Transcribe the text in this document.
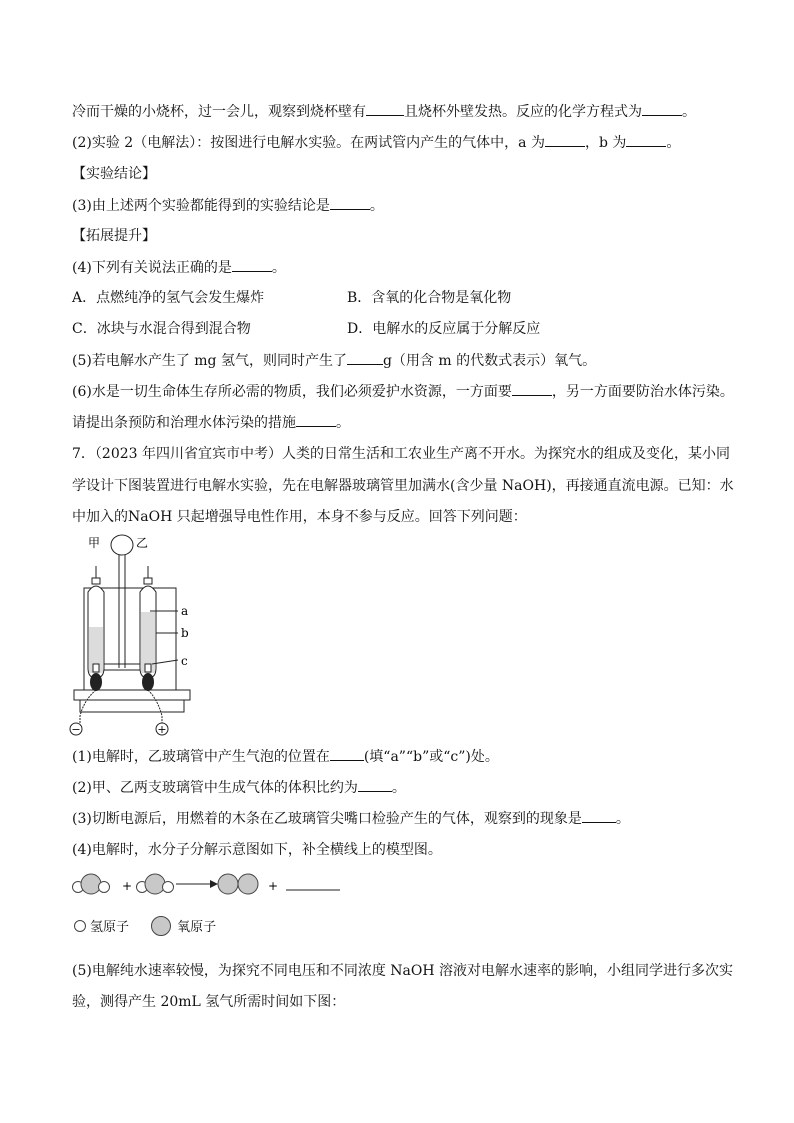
冷而干燥的小烧杯，过一会儿，观察到烧杯壁有	且烧杯外壁发热。反应的化学方程式为	。
(2)实验 2（电解法）：按图进行电解水实验。在两试管内产生的气体中，a 为	，b 为	。
【实验结论】
(3)由上述两个实验都能得到的实验结论是	。
【拓展提升】
(4)下列有关说法正确的是	。
A．点燃纯净的氢气会发生爆炸	B．含氧的化合物是氧化物
C．冰块与水混合得到混合物	D．电解水的反应属于分解反应
(5)若电解水产生了 mg 氢气，则同时产生了	g（用含 m 的代数式表示）氧气。
(6)水是一切生命体生存所必需的物质，我们必须爱护水资源，一方面要	，另一方面要防治水体污染。
请提出条预防和治理水体污染的措施	。
7．（2023 年四川省宜宾市中考）人类的日常生活和工农业生产离不开水。为探究水的组成及变化，某小同
学设计下图装置进行电解水实验，先在电解器玻璃管里加满水(含少量 NaOH)，再接通直流电源。已知：水
中加入的NaOH 只起增强导电性作用，本身不参与反应。回答下列问题：
甲	乙
−	+
a
b
c
(1)电解时，乙玻璃管中产生气泡的位置在 (填“a”“b”或“c”)处。
(2)甲、乙两支玻璃管中生成气体的体积比约为 。
(3)切断电源后，用燃着的木条在乙玻璃管尖嘴口检验产生的气体，观察到的现象是 。
(4)电解时，水分子分解示意图如下，补全横线上的模型图。
+	+
氢原子	氧原子
(5)电解纯水速率较慢，为探究不同电压和不同浓度 NaOH 溶液对电解水速率的影响，小组同学进行多次实
验，测得产生 20mL 氢气所需时间如下图：
